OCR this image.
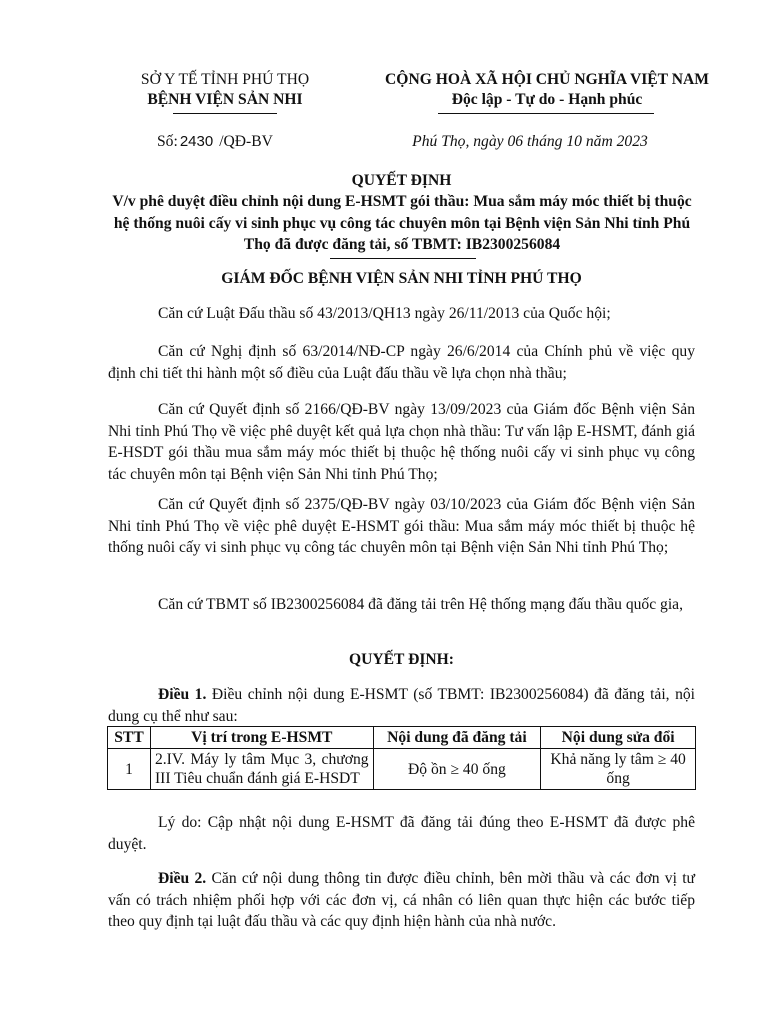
SỞ Y TẾ TỈNH PHÚ THỌ
BỆNH VIỆN SẢN NHI
CỘNG HOÀ XÃ HỘI CHỦ NGHĨA VIỆT NAM
Độc lập - Tự do - Hạnh phúc
Số: 2430 /QĐ-BV	Phú Thọ, ngày 06 tháng 10 năm 2023
QUYẾT ĐỊNH
V/v phê duyệt điều chỉnh nội dung E-HSMT gói thầu: Mua sắm máy móc thiết bị thuộc hệ thống nuôi cấy vi sinh phục vụ công tác chuyên môn tại Bệnh viện Sản Nhi tỉnh Phú Thọ đã được đăng tải, số TBMT: IB2300256084
GIÁM ĐỐC BỆNH VIỆN SẢN NHI TỈNH PHÚ THỌ
Căn cứ Luật Đấu thầu số 43/2013/QH13 ngày 26/11/2013 của Quốc hội;
Căn cứ Nghị định số 63/2014/NĐ-CP ngày 26/6/2014 của Chính phủ về việc quy định chi tiết thi hành một số điều của Luật đấu thầu về lựa chọn nhà thầu;
Căn cứ Quyết định số 2166/QĐ-BV ngày 13/09/2023 của Giám đốc Bệnh viện Sản Nhi tỉnh Phú Thọ về việc phê duyệt kết quả lựa chọn nhà thầu: Tư vấn lập E-HSMT, đánh giá E-HSDT gói thầu mua sắm máy móc thiết bị thuộc hệ thống nuôi cấy vi sinh phục vụ công tác chuyên môn tại Bệnh viện Sản Nhi tỉnh Phú Thọ;
Căn cứ Quyết định số 2375/QĐ-BV ngày 03/10/2023 của Giám đốc Bệnh viện Sản Nhi tỉnh Phú Thọ về việc phê duyệt E-HSMT gói thầu: Mua sắm máy móc thiết bị thuộc hệ thống nuôi cấy vi sinh phục vụ công tác chuyên môn tại Bệnh viện Sản Nhi tỉnh Phú Thọ;
Căn cứ TBMT số IB2300256084 đã đăng tải trên Hệ thống mạng đấu thầu quốc gia,
QUYẾT ĐỊNH:
Điều 1. Điều chỉnh nội dung E-HSMT (số TBMT: IB2300256084) đã đăng tải, nội dung cụ thể như sau:
STT	Vị trí trong E-HSMT	Nội dung đã đăng tải	Nội dung sửa đổi
1	2.IV. Máy ly tâm Mục 3, chương III Tiêu chuẩn đánh giá E-HSDT	Độ ồn ≥ 40 ống	Khả năng ly tâm ≥ 40 ống
Lý do: Cập nhật nội dung E-HSMT đã đăng tải đúng theo E-HSMT đã được phê duyệt.
Điều 2. Căn cứ nội dung thông tin được điều chỉnh, bên mời thầu và các đơn vị tư vấn có trách nhiệm phối hợp với các đơn vị, cá nhân có liên quan thực hiện các bước tiếp theo quy định tại luật đấu thầu và các quy định hiện hành của nhà nước.
